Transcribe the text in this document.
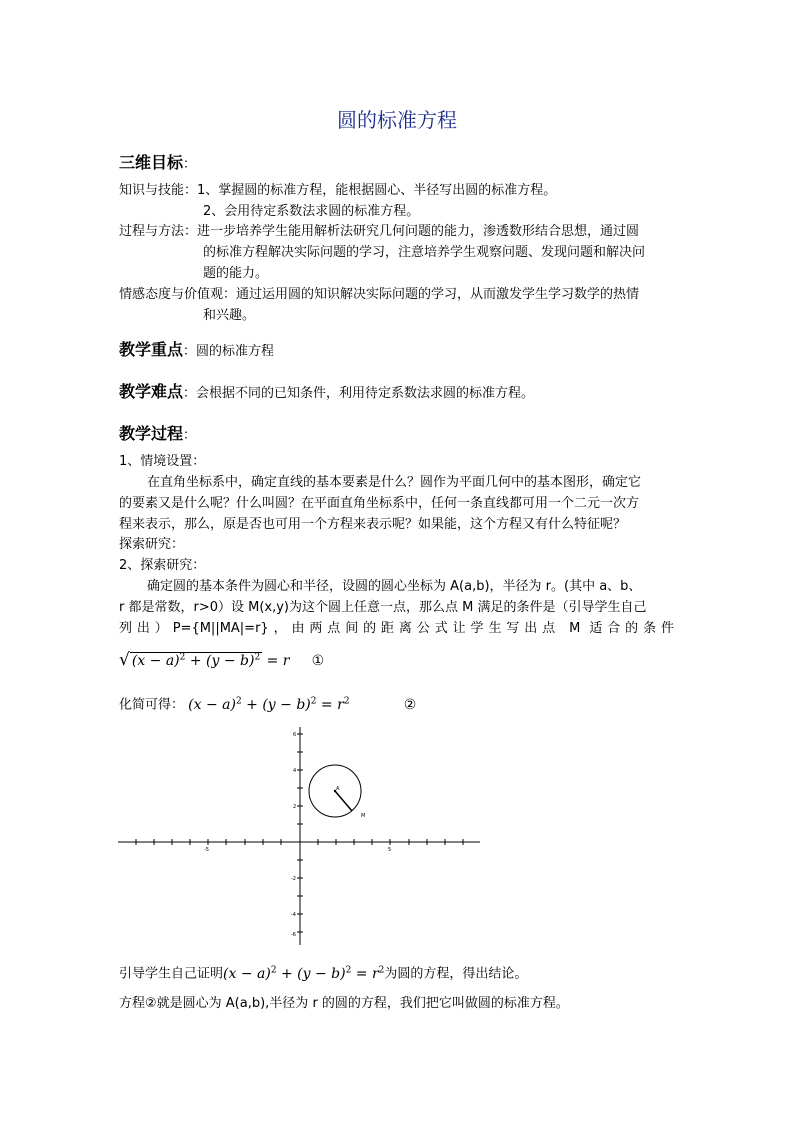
圆的标准方程
三维目标：
知识与技能：1、掌握圆的标准方程，能根据圆心、半径写出圆的标准方程。
2、会用待定系数法求圆的标准方程。
过程与方法：进一步培养学生能用解析法研究几何问题的能力，渗透数形结合思想，通过圆
的标准方程解决实际问题的学习，注意培养学生观察问题、发现问题和解决问
题的能力。
情感态度与价值观：通过运用圆的知识解决实际问题的学习，从而激发学生学习数学的热情
和兴趣。
教学重点：圆的标准方程
教学难点：会根据不同的已知条件，利用待定系数法求圆的标准方程。
教学过程：
1、情境设置：
在直角坐标系中，确定直线的基本要素是什么？圆作为平面几何中的基本图形，确定它
的要素又是什么呢？什么叫圆？在平面直角坐标系中，任何一条直线都可用一个二元一次方
程来表示，那么，原是否也可用一个方程来表示呢？如果能，这个方程又有什么特征呢？
探索研究：
2、探索研究：
确定圆的基本条件为圆心和半径，设圆的圆心坐标为 A(a,b)，半径为 r。(其中 a、b、
r 都是常数，r>0）设 M(x,y)为这个圆上任意一点，那么点 M 满足的条件是（引导学生自己
列出）P={M||MA|=r}，由两点间的距离公式让学生写出点 M 适合的条件
√ $(x - a)^2 + (y - b)^2 = r$ ①
化简可得： $(x - a)^2 + (y - b)^2 = r^2$	②
6
4
2
-2
-4
-6
-5	5
A
M
引导学生自己证明$(x - a)^2 + (y - b)^2 = r^2$为圆的方程，得出结论。
方程②就是圆心为 A(a,b),半径为 r 的圆的方程，我们把它叫做圆的标准方程。
